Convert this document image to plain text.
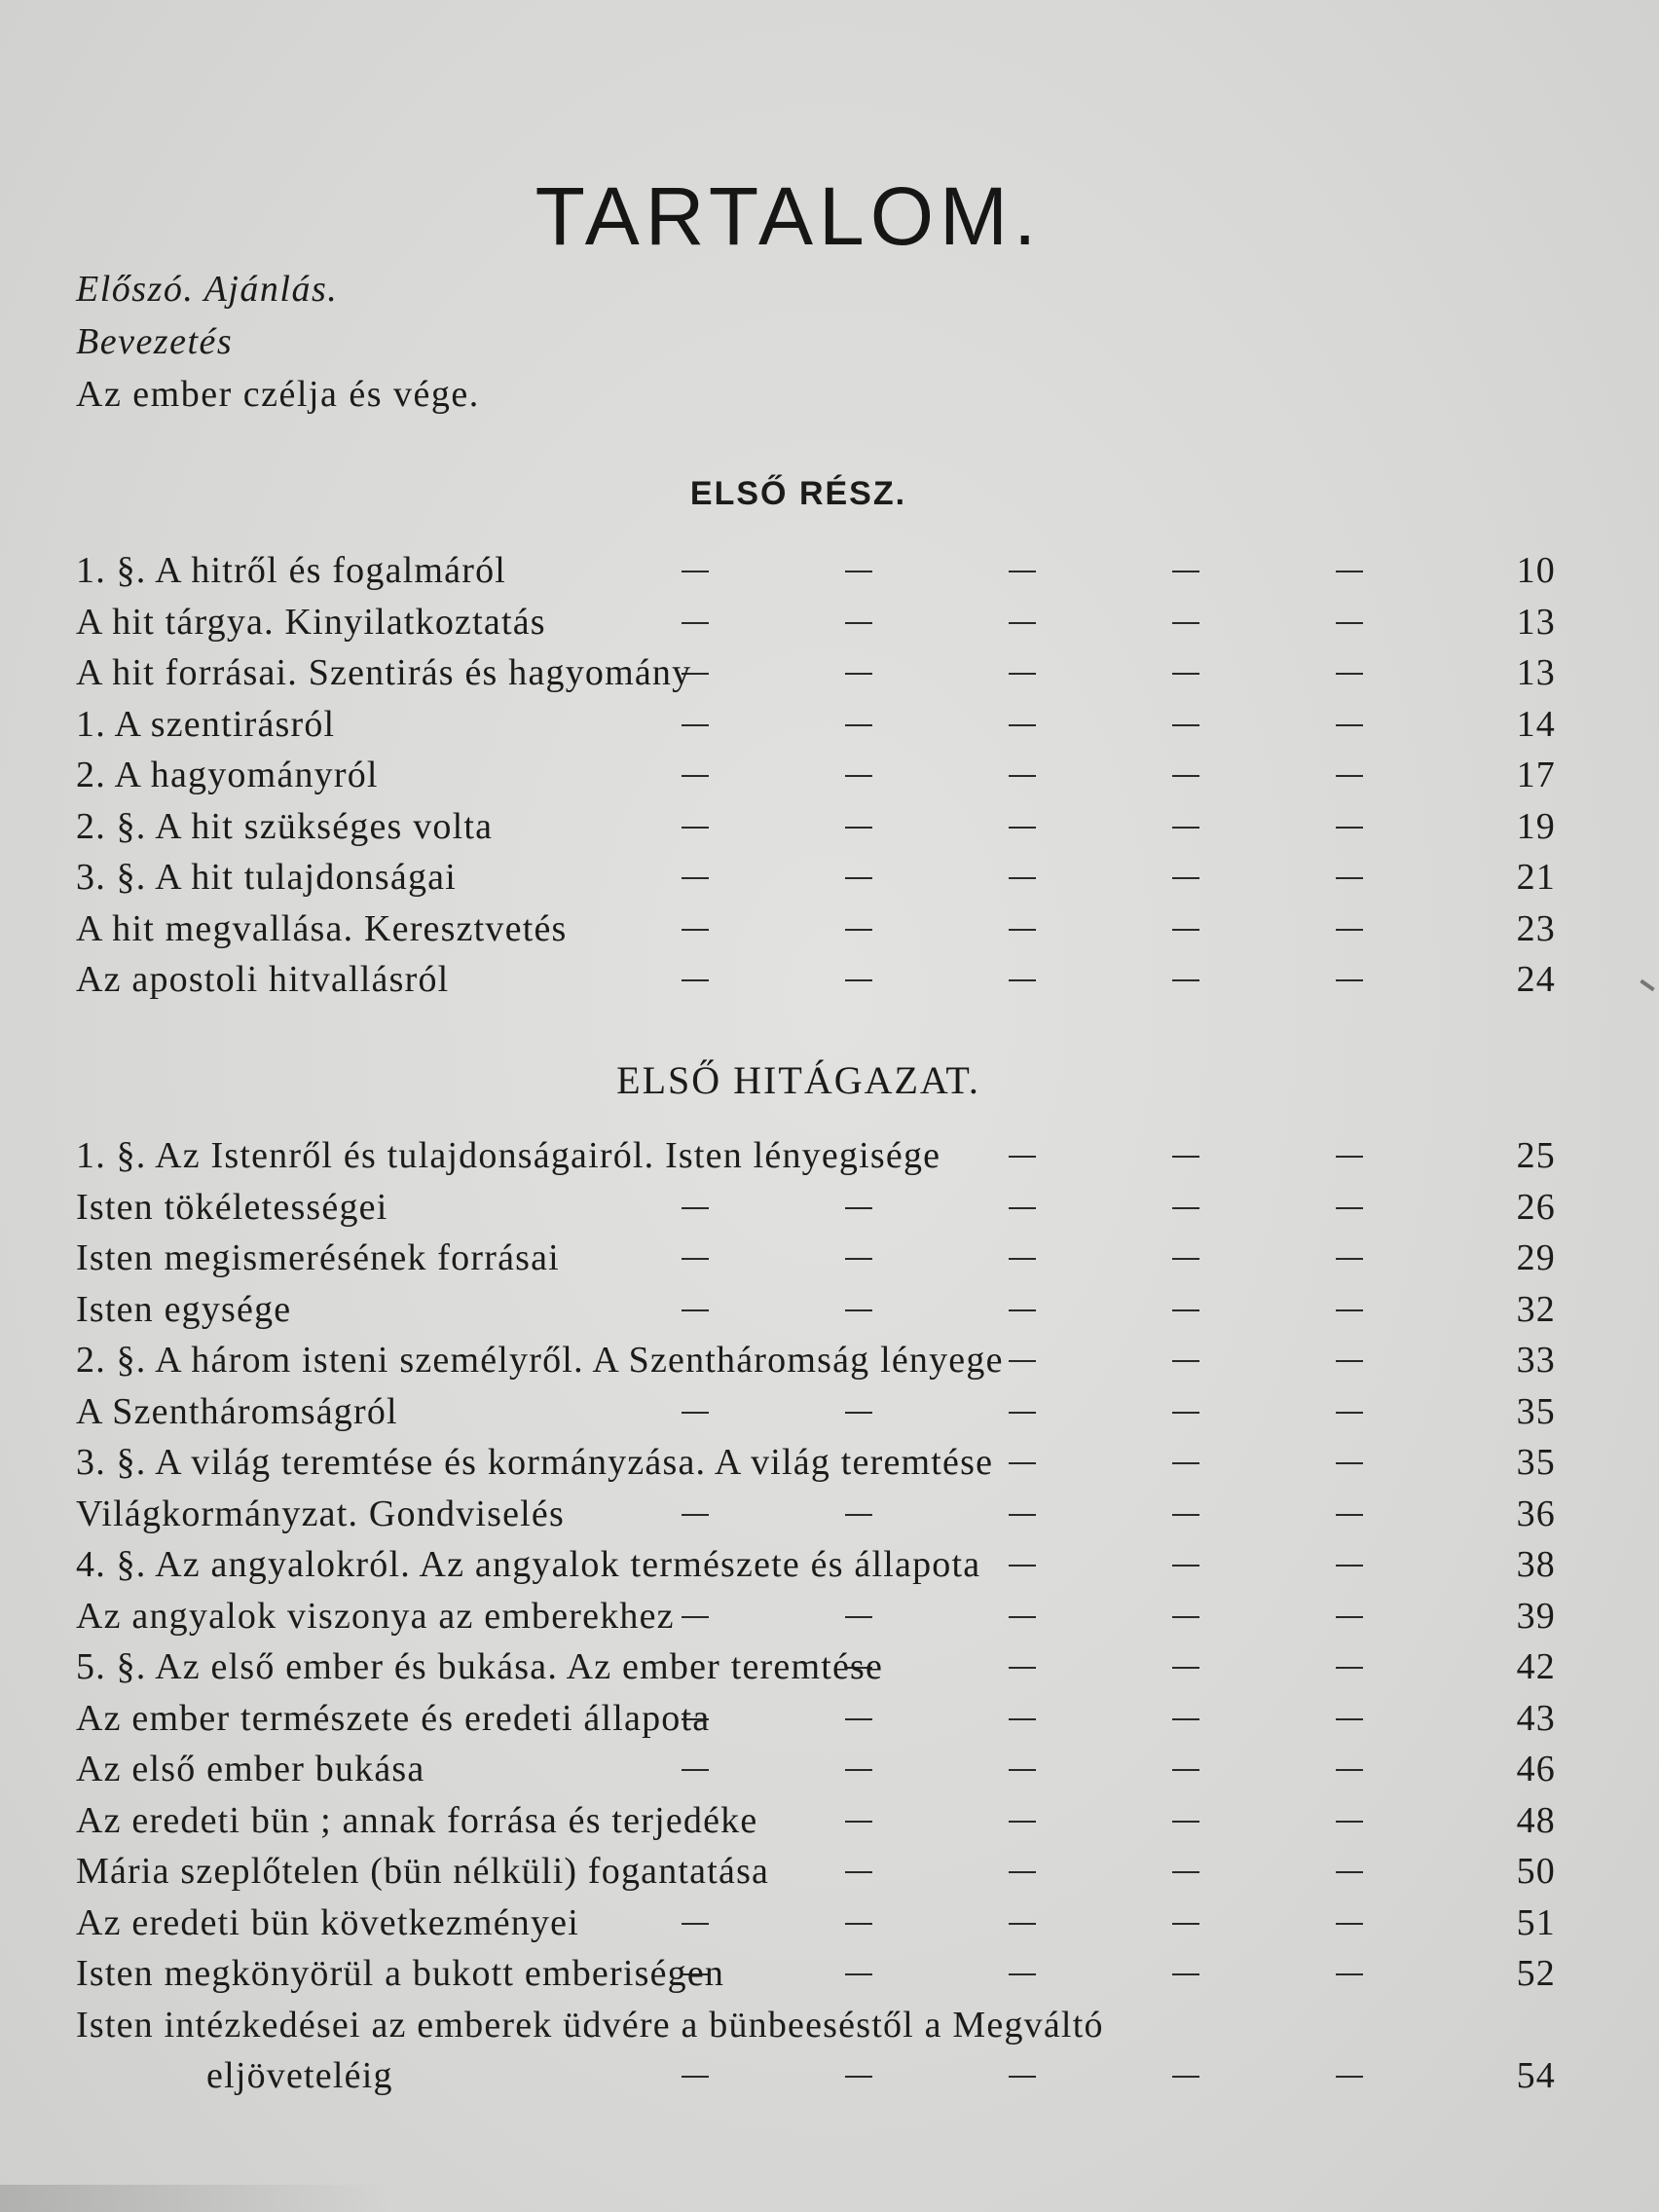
TARTALOM.
Előszó. Ajánlás.
Bevezetés
Az ember czélja és vége.
ELSŐ RÉSZ.
1. §. A hitről és fogalmáról	10
A hit tárgya. Kinyilatkoztatás	13
A hit forrásai. Szentirás és hagyomány	13
1. A szentirásról	14
2. A hagyományról	17
2. §. A hit szükséges volta	19
3. §. A hit tulajdonságai	21
A hit megvallása. Keresztvetés	23
Az apostoli hitvallásról	24
ELSŐ HITÁGAZAT.
1. §. Az Istenről és tulajdonságairól. Isten lényegisége	25
Isten tökéletességei	26
Isten megismerésének forrásai	29
Isten egysége	32
2. §. A három isteni személyről. A Szentháromság lényege	33
A Szentháromságról	35
3. §. A világ teremtése és kormányzása. A világ teremtése	35
Világkormányzat. Gondviselés	36
4. §. Az angyalokról. Az angyalok természete és állapota	38
Az angyalok viszonya az emberekhez	39
5. §. Az első ember és bukása. Az ember teremtése	42
Az ember természete és eredeti állapota	43
Az első ember bukása	46
Az eredeti bün ; annak forrása és terjedéke	48
Mária szeplőtelen (bün nélküli) fogantatása	50
Az eredeti bün következményei	51
Isten megkönyörül a bukott emberiségen	52
Isten intézkedései az emberek üdvére a bünbeeséstől a Megváltó
eljöveteléig	54
